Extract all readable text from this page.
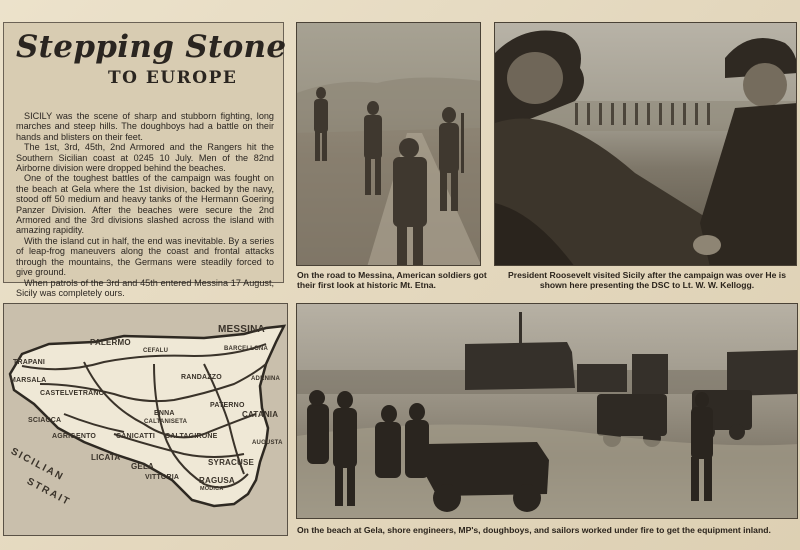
Stepping Stone
TO EUROPE

SICILY was the scene of sharp and stubborn fighting, long marches and steep hills. The doughboys had a battle on their hands and blisters on their feet.

The 1st, 3rd, 45th, 2nd Armored and the Rangers hit the Southern Sicilian coast at 0245 10 July. Men of the 82nd Airborne division were dropped behind the beaches.

One of the toughest battles of the campaign was fought on the beach at Gela where the 1st division, backed by the navy, stood off 50 medium and heavy tanks of the Hermann Goering Panzer Division. After the beaches were secure the 2nd Armored and the 3rd divisions slashed across the island with amazing rapidity.

With the island cut in half, the end was inevitable. By a series of leap-frog maneuvers along the coast and frontal attacks through the mountains, the Germans were steadily forced to give ground.

When patrols of the 3rd and 45th entered Messina 17 August, Sicily was completely ours.

On the road to Messina, American soldiers got their first look at historic Mt. Etna.
President Roosevelt visited Sicily after the campaign was over He is shown here presenting the DSC to Lt. W. W. Kellogg.
MESSINA
PALERMO
TRAPANI
MARSALA
CEFALU	BARCELLONA
RANDAZZO	ADRNINA
CASTELVETRANO
ENNA
CALTANISETA
PATERNO
CATANIA
SCIACCA
AGRIGENTO	CANICATTI CALTAGIRONE
AUGUSTA
LICATA
GELA
VITTORIA
SYRACUSE
RAGUSA
MODICA
SICILIAN
STRAIT
On the beach at Gela, shore engineers, MP's, doughboys, and sailors worked under fire to get the equipment inland.
